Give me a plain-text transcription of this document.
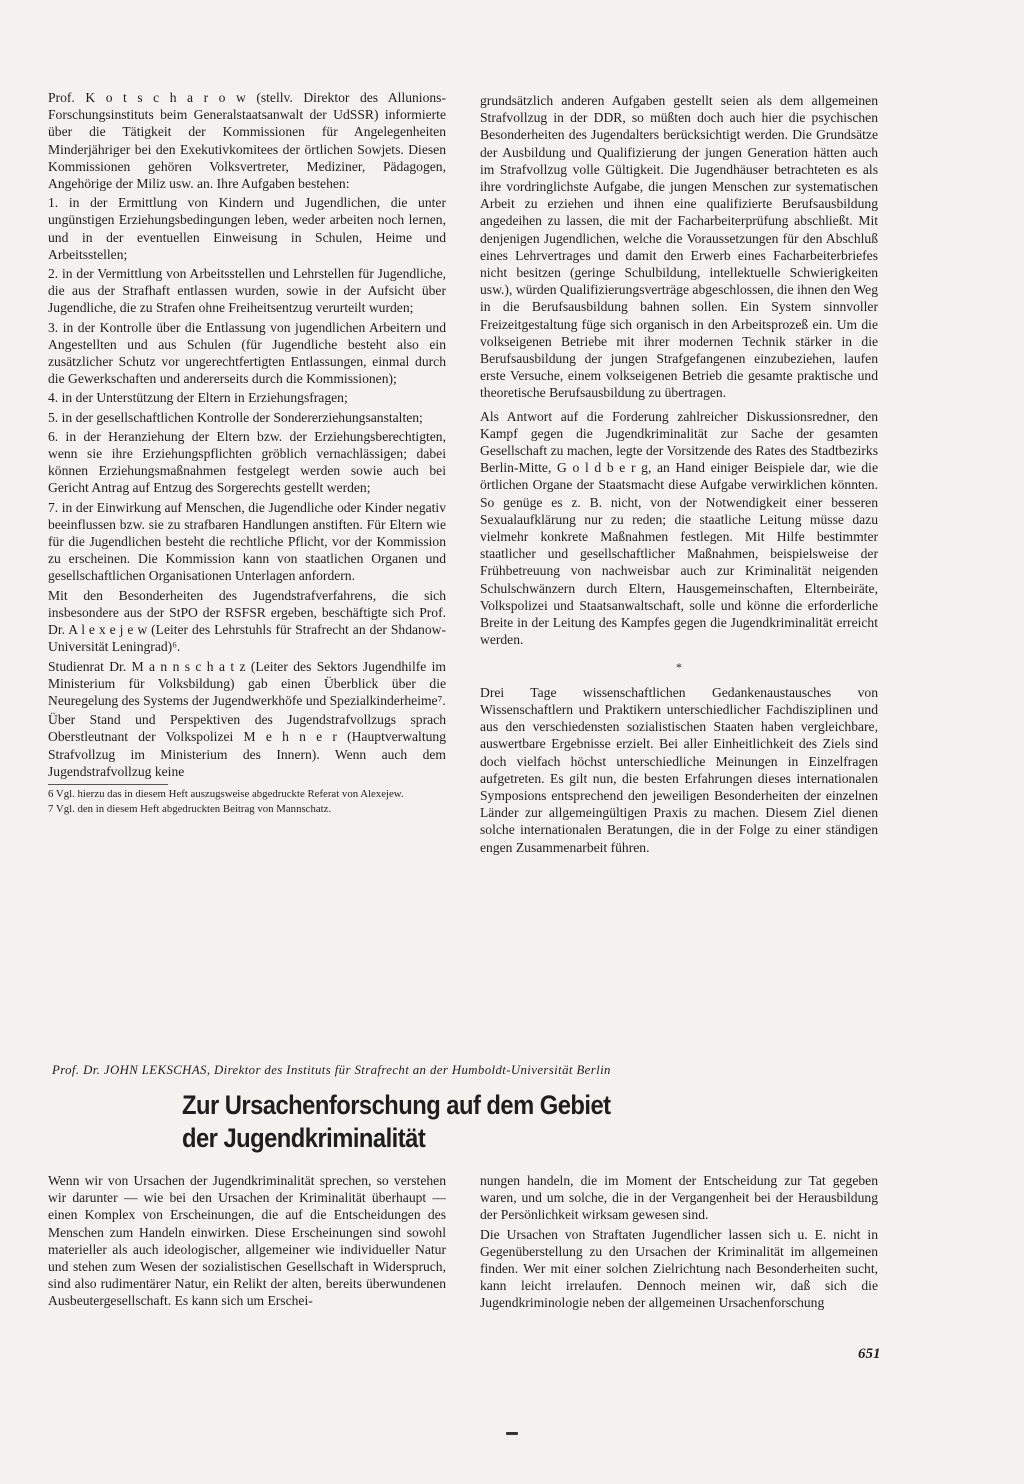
Prof. K o t s c h a r o w (stellv. Direktor des Allunions-Forschungsinstituts beim Generalstaatsanwalt der UdSSR) informierte über die Tätigkeit der Kommissionen für Angelegenheiten Minderjähriger bei den Exekutivkomitees der örtlichen Sowjets. Diesen Kommissionen gehören Volksvertreter, Mediziner, Pädagogen, Angehörige der Miliz usw. an. Ihre Aufgaben bestehen:

1. in der Ermittlung von Kindern und Jugendlichen, die unter ungünstigen Erziehungsbedingungen leben, weder arbeiten noch lernen, und in der eventuellen Einweisung in Schulen, Heime und Arbeitsstellen;

2. in der Vermittlung von Arbeitsstellen und Lehrstellen für Jugendliche, die aus der Strafhaft entlassen wurden, sowie in der Aufsicht über Jugendliche, die zu Strafen ohne Freiheitsentzug verurteilt wurden;

3. in der Kontrolle über die Entlassung von jugendlichen Arbeitern und Angestellten und aus Schulen (für Jugendliche besteht also ein zusätzlicher Schutz vor ungerechtfertigten Entlassungen, einmal durch die Gewerkschaften und andererseits durch die Kommissionen);

4. in der Unterstützung der Eltern in Erziehungsfragen;

5. in der gesellschaftlichen Kontrolle der Sondererziehungsanstalten;

6. in der Heranziehung der Eltern bzw. der Erziehungsberechtigten, wenn sie ihre Erziehungspflichten gröblich vernachlässigen; dabei können Erziehungsmaßnahmen festgelegt werden sowie auch bei Gericht Antrag auf Entzug des Sorgerechts gestellt werden;

7. in der Einwirkung auf Menschen, die Jugendliche oder Kinder negativ beeinflussen bzw. sie zu strafbaren Handlungen anstiften. Für Eltern wie für die Jugendlichen besteht die rechtliche Pflicht, vor der Kommission zu erscheinen. Die Kommission kann von staatlichen Organen und gesellschaftlichen Organisationen Unterlagen anfordern.

Mit den Besonderheiten des Jugendstrafverfahrens, die sich insbesondere aus der StPO der RSFSR ergeben, beschäftigte sich Prof. Dr. A l e x e j e w (Leiter des Lehrstuhls für Strafrecht an der Shdanow-Universität Leningrad)⁶.

Studienrat Dr. M a n n s c h a t z (Leiter des Sektors Jugendhilfe im Ministerium für Volksbildung) gab einen Überblick über die Neuregelung des Systems der Jugendwerkhöfe und Spezialkinderheime⁷.

Über Stand und Perspektiven des Jugendstrafvollzugs sprach Oberstleutnant der Volkspolizei M e h n e r (Hauptverwaltung Strafvollzug im Ministerium des Innern). Wenn auch dem Jugendstrafvollzug keine

6 Vgl. hierzu das in diesem Heft auszugsweise abgedruckte Referat von Alexejew.

7 Vgl. den in diesem Heft abgedruckten Beitrag von Mannschatz.

grundsätzlich anderen Aufgaben gestellt seien als dem allgemeinen Strafvollzug in der DDR, so müßten doch auch hier die psychischen Besonderheiten des Jugendalters berücksichtigt werden. Die Grundsätze der Ausbildung und Qualifizierung der jungen Generation hätten auch im Strafvollzug volle Gültigkeit. Die Jugendhäuser betrachteten es als ihre vordringlichste Aufgabe, die jungen Menschen zur systematischen Arbeit zu erziehen und ihnen eine qualifizierte Berufsausbildung angedeihen zu lassen, die mit der Facharbeiterprüfung abschließt. Mit denjenigen Jugendlichen, welche die Voraussetzungen für den Abschluß eines Lehrvertrages und damit den Erwerb eines Facharbeiterbriefes nicht besitzen (geringe Schulbildung, intellektuelle Schwierigkeiten usw.), würden Qualifizierungsverträge abgeschlossen, die ihnen den Weg in die Berufsausbildung bahnen sollen. Ein System sinnvoller Freizeitgestaltung füge sich organisch in den Arbeitsprozeß ein. Um die volkseigenen Betriebe mit ihrer modernen Technik stärker in die Berufsausbildung der jungen Strafgefangenen einzubeziehen, laufen erste Versuche, einem volkseigenen Betrieb die gesamte praktische und theoretische Berufsausbildung zu übertragen.

Als Antwort auf die Forderung zahlreicher Diskussionsredner, den Kampf gegen die Jugendkriminalität zur Sache der gesamten Gesellschaft zu machen, legte der Vorsitzende des Rates des Stadtbezirks Berlin-Mitte, G o l d b e r g, an Hand einiger Beispiele dar, wie die örtlichen Organe der Staatsmacht diese Aufgabe verwirklichen könnten. So genüge es z. B. nicht, von der Notwendigkeit einer besseren Sexualaufklärung nur zu reden; die staatliche Leitung müsse dazu vielmehr konkrete Maßnahmen festlegen. Mit Hilfe bestimmter staatlicher und gesellschaftlicher Maßnahmen, beispielsweise der Frühbetreuung von nachweisbar auch zur Kriminalität neigenden Schulschwänzern durch Eltern, Hausgemeinschaften, Elternbeiräte, Volkspolizei und Staatsanwaltschaft, solle und könne die erforderliche Breite in der Leitung des Kampfes gegen die Jugendkriminalität erreicht werden.

*

Drei Tage wissenschaftlichen Gedankenaustausches von Wissenschaftlern und Praktikern unterschiedlicher Fachdisziplinen und aus den verschiedensten sozialistischen Staaten haben vergleichbare, auswertbare Ergebnisse erzielt. Bei aller Einheitlichkeit des Ziels sind doch vielfach höchst unterschiedliche Meinungen in Einzelfragen aufgetreten. Es gilt nun, die besten Erfahrungen dieses internationalen Symposions entsprechend den jeweiligen Besonderheiten der einzelnen Länder zur allgemeingültigen Praxis zu machen. Diesem Ziel dienen solche internationalen Beratungen, die in der Folge zu einer ständigen engen Zusammenarbeit führen.

Prof. Dr. JOHN LEKSCHAS, Direktor des Instituts für Strafrecht an der Humboldt-Universität Berlin
Zur Ursachenforschung auf dem Gebiet
der Jugendkriminalität

Wenn wir von Ursachen der Jugendkriminalität sprechen, so verstehen wir darunter — wie bei den Ursachen der Kriminalität überhaupt — einen Komplex von Erscheinungen, die auf die Entscheidungen des Menschen zum Handeln einwirken. Diese Erscheinungen sind sowohl materieller als auch ideologischer, allgemeiner wie individueller Natur und stehen zum Wesen der sozialistischen Gesellschaft in Widerspruch, sind also rudimentärer Natur, ein Relikt der alten, bereits überwundenen Ausbeutergesellschaft. Es kann sich um Erschei-

nungen handeln, die im Moment der Entscheidung zur Tat gegeben waren, und um solche, die in der Vergangenheit bei der Herausbildung der Persönlichkeit wirksam gewesen sind.

Die Ursachen von Straftaten Jugendlicher lassen sich u. E. nicht in Gegenüberstellung zu den Ursachen der Kriminalität im allgemeinen finden. Wer mit einer solchen Zielrichtung nach Besonderheiten sucht, kann leicht irrelaufen. Dennoch meinen wir, daß sich die Jugendkriminologie neben der allgemeinen Ursachenforschung

651
